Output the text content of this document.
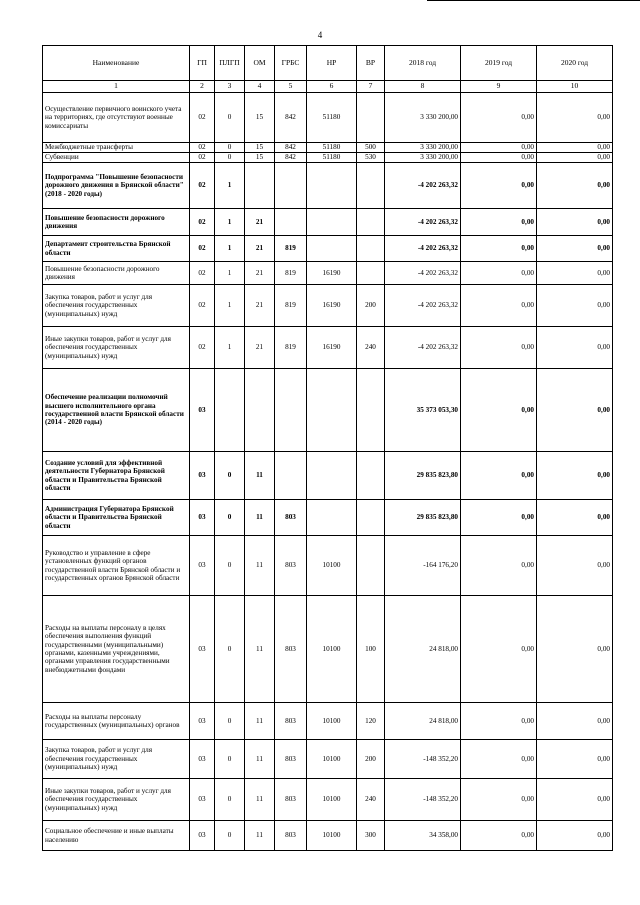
4
Наименование	ГП	ПЛГП	ОМ	ГРБС	НР	ВР	2018 год	2019 год	2020 год
1	2	3	4	5	6	7	8	9	10
Осуществление первичного воинского учета на территориях, где отсутствуют военные комиссариаты	02	0	15	842	51180		3 330 200,00	0,00	0,00
Межбюджетные трансферты	02	0	15	842	51180	500	3 330 200,00	0,00	0,00
Субвенции	02	0	15	842	51180	530	3 330 200,00	0,00	0,00
Подпрограмма "Повышение безопасности дорожного движения в Брянской области" (2018 - 2020 годы)	02	1					-4 202 263,32	0,00	0,00
Повышение безопасности дорожного движения	02	1	21				-4 202 263,32	0,00	0,00
Департамент строительства Брянской области	02	1	21	819			-4 202 263,32	0,00	0,00
Повышение безопасности дорожного движения	02	1	21	819	16190		-4 202 263,32	0,00	0,00
Закупка товаров, работ и услуг для обеспечения государственных (муниципальных) нужд	02	1	21	819	16190	200	-4 202 263,32	0,00	0,00
Иные закупки товаров, работ и услуг для обеспечения государственных (муниципальных) нужд	02	1	21	819	16190	240	-4 202 263,32	0,00	0,00
Обеспечение реализации полномочий высшего исполнительного органа государственной власти Брянской области (2014 - 2020 годы)	03						35 373 053,30	0,00	0,00
Создание условий для эффективной деятельности Губернатора Брянской области и Правительства Брянской области	03	0	11				29 835 823,80	0,00	0,00
Администрация Губернатора Брянской области и Правительства Брянской области	03	0	11	803			29 835 823,80	0,00	0,00
Руководство и управление в сфере установленных функций органов государственной власти Брянской области и государственных органов Брянской области	03	0	11	803	10100		-164 176,20	0,00	0,00
Расходы на выплаты персоналу в целях обеспечения выполнения функций государственными (муниципальными) органами, казенными учреждениями, органами управления государственными внебюджетными фондами	03	0	11	803	10100	100	24 818,00	0,00	0,00
Расходы на выплаты персоналу государственных (муниципальных) органов	03	0	11	803	10100	120	24 818,00	0,00	0,00
Закупка товаров, работ и услуг для обеспечения государственных (муниципальных) нужд	03	0	11	803	10100	200	-148 352,20	0,00	0,00
Иные закупки товаров, работ и услуг для обеспечения государственных (муниципальных) нужд	03	0	11	803	10100	240	-148 352,20	0,00	0,00
Социальное обеспечение и иные выплаты населению	03	0	11	803	10100	300	34 358,00	0,00	0,00
